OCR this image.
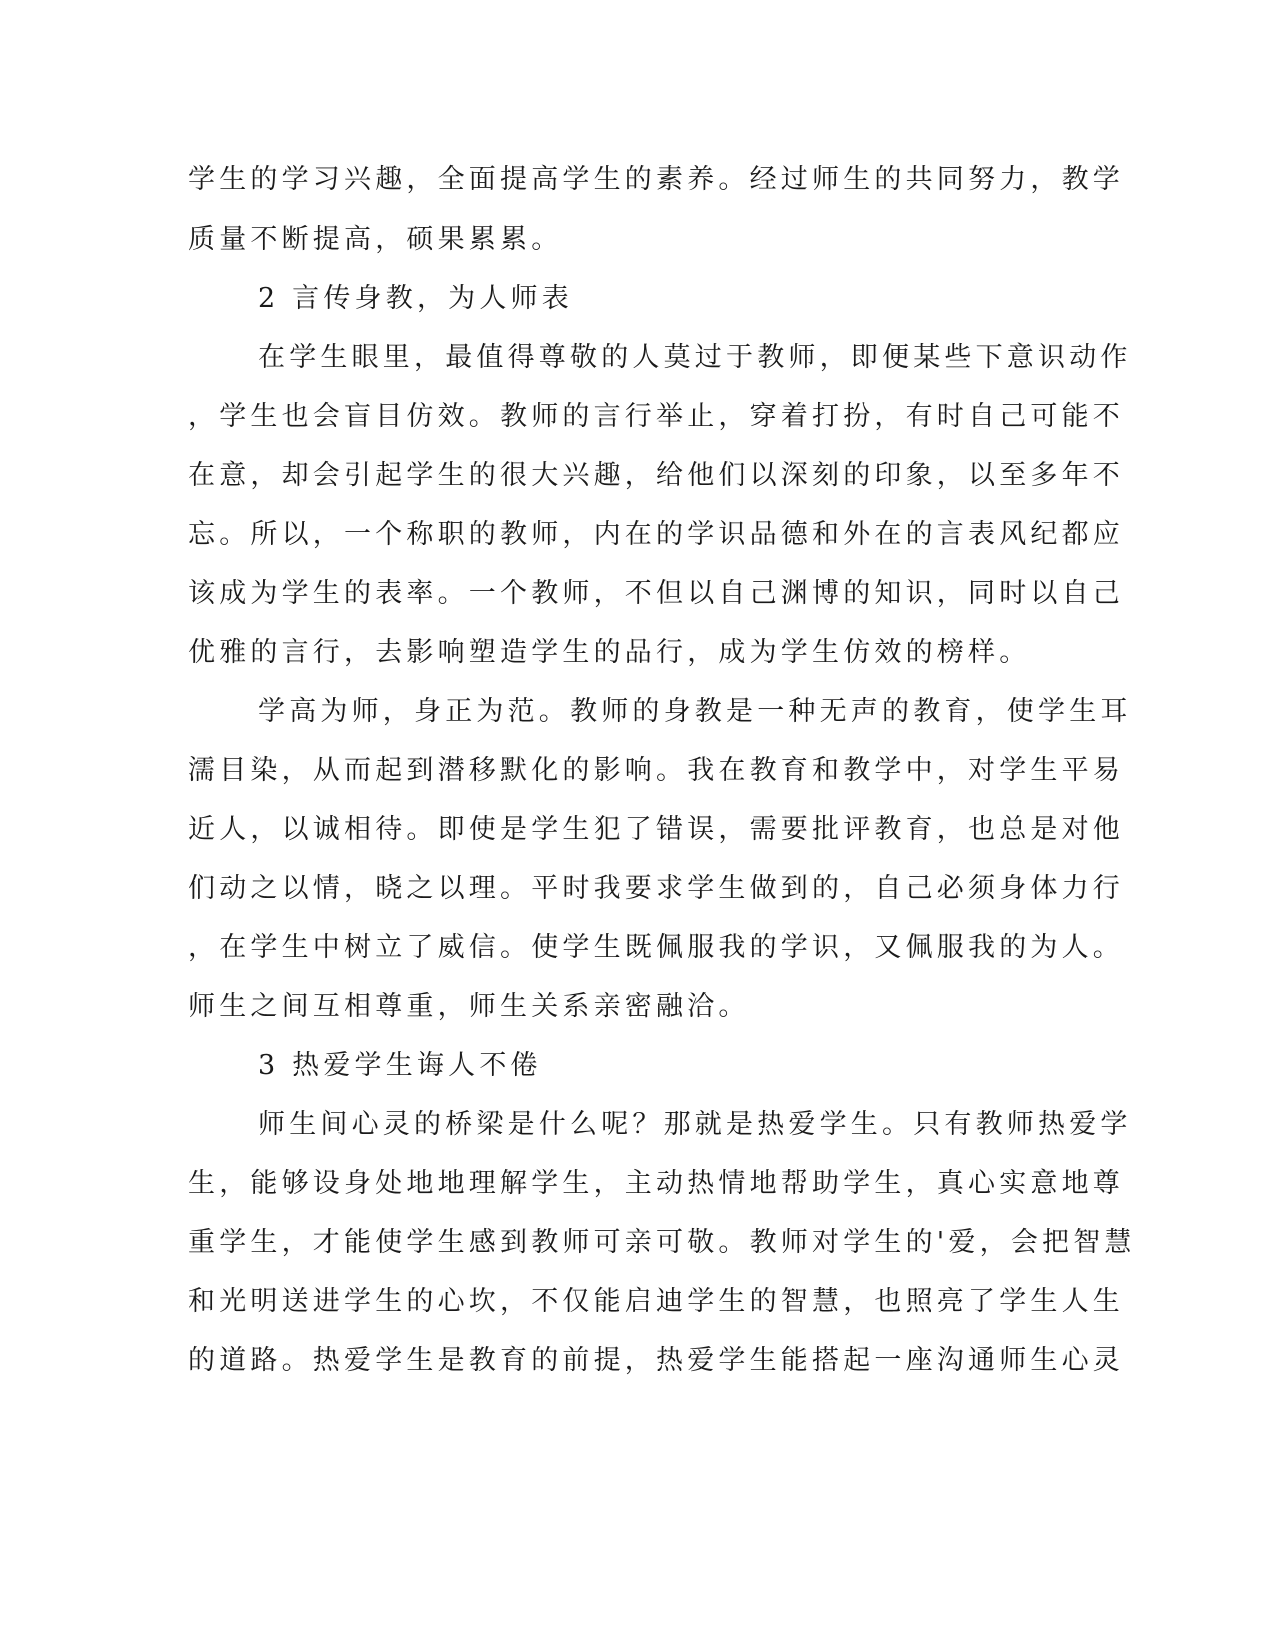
学生的学习兴趣，全面提高学生的素养。经过师生的共同努力，教学
质量不断提高，硕果累累。
2 言传身教，为人师表
在学生眼里，最值得尊敬的人莫过于教师，即便某些下意识动作
，学生也会盲目仿效。教师的言行举止，穿着打扮，有时自己可能不
在意，却会引起学生的很大兴趣，给他们以深刻的印象，以至多年不
忘。所以，一个称职的教师，内在的学识品德和外在的言表风纪都应
该成为学生的表率。一个教师，不但以自己渊博的知识，同时以自己
优雅的言行，去影响塑造学生的品行，成为学生仿效的榜样。
学高为师，身正为范。教师的身教是一种无声的教育，使学生耳
濡目染，从而起到潜移默化的影响。我在教育和教学中，对学生平易
近人，以诚相待。即使是学生犯了错误，需要批评教育，也总是对他
们动之以情，晓之以理。平时我要求学生做到的，自己必须身体力行
，在学生中树立了威信。使学生既佩服我的学识，又佩服我的为人。
师生之间互相尊重，师生关系亲密融洽。
3 热爱学生诲人不倦
师生间心灵的桥梁是什么呢？那就是热爱学生。只有教师热爱学
生，能够设身处地地理解学生，主动热情地帮助学生，真心实意地尊
重学生，才能使学生感到教师可亲可敬。教师对学生的'爱，会把智慧
和光明送进学生的心坎，不仅能启迪学生的智慧，也照亮了学生人生
的道路。热爱学生是教育的前提，热爱学生能搭起一座沟通师生心灵
